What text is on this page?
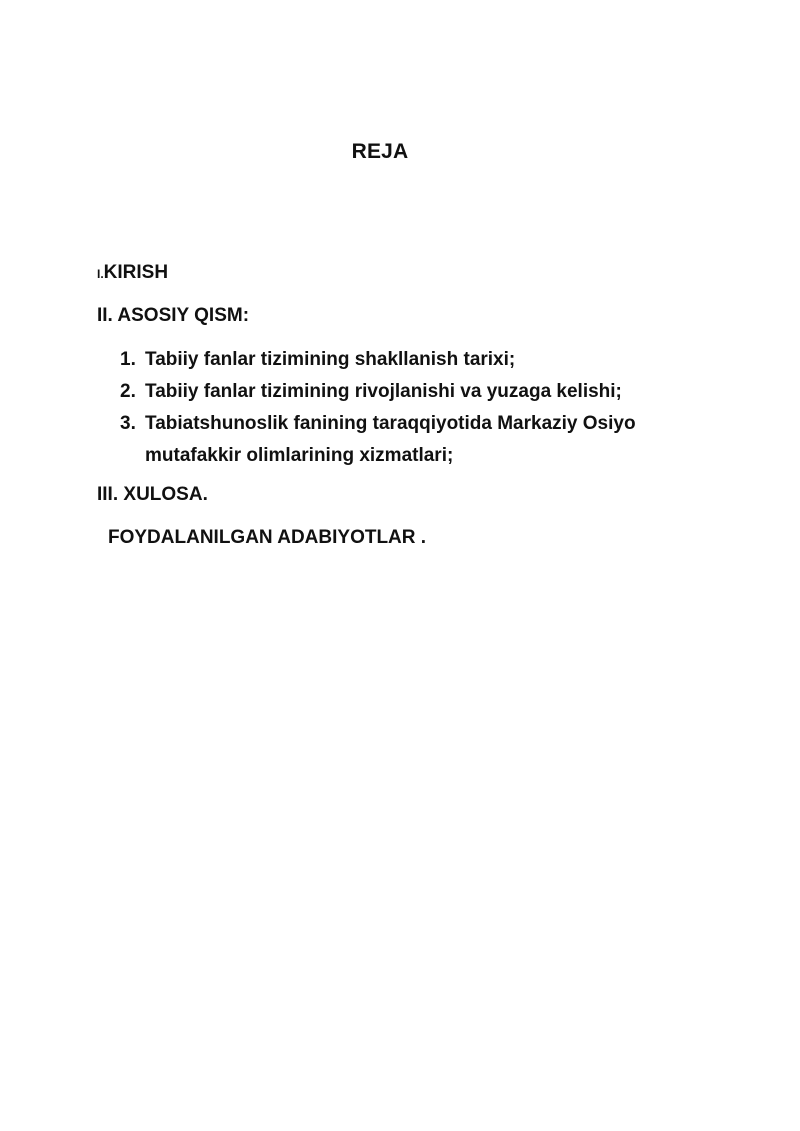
REJA
I.KIRISH
II. ASOSIY QISM:
1. Tabiiy fanlar tizimining shakllanish tarixi;
2. Tabiiy fanlar tizimining rivojlanishi va yuzaga kelishi;
3. Tabiatshunoslik fanining taraqqiyotida Markaziy Osiyo mutafakkir olimlarining xizmatlari;
III. XULOSA.
FOYDALANILGAN ADABIYOTLAR .
